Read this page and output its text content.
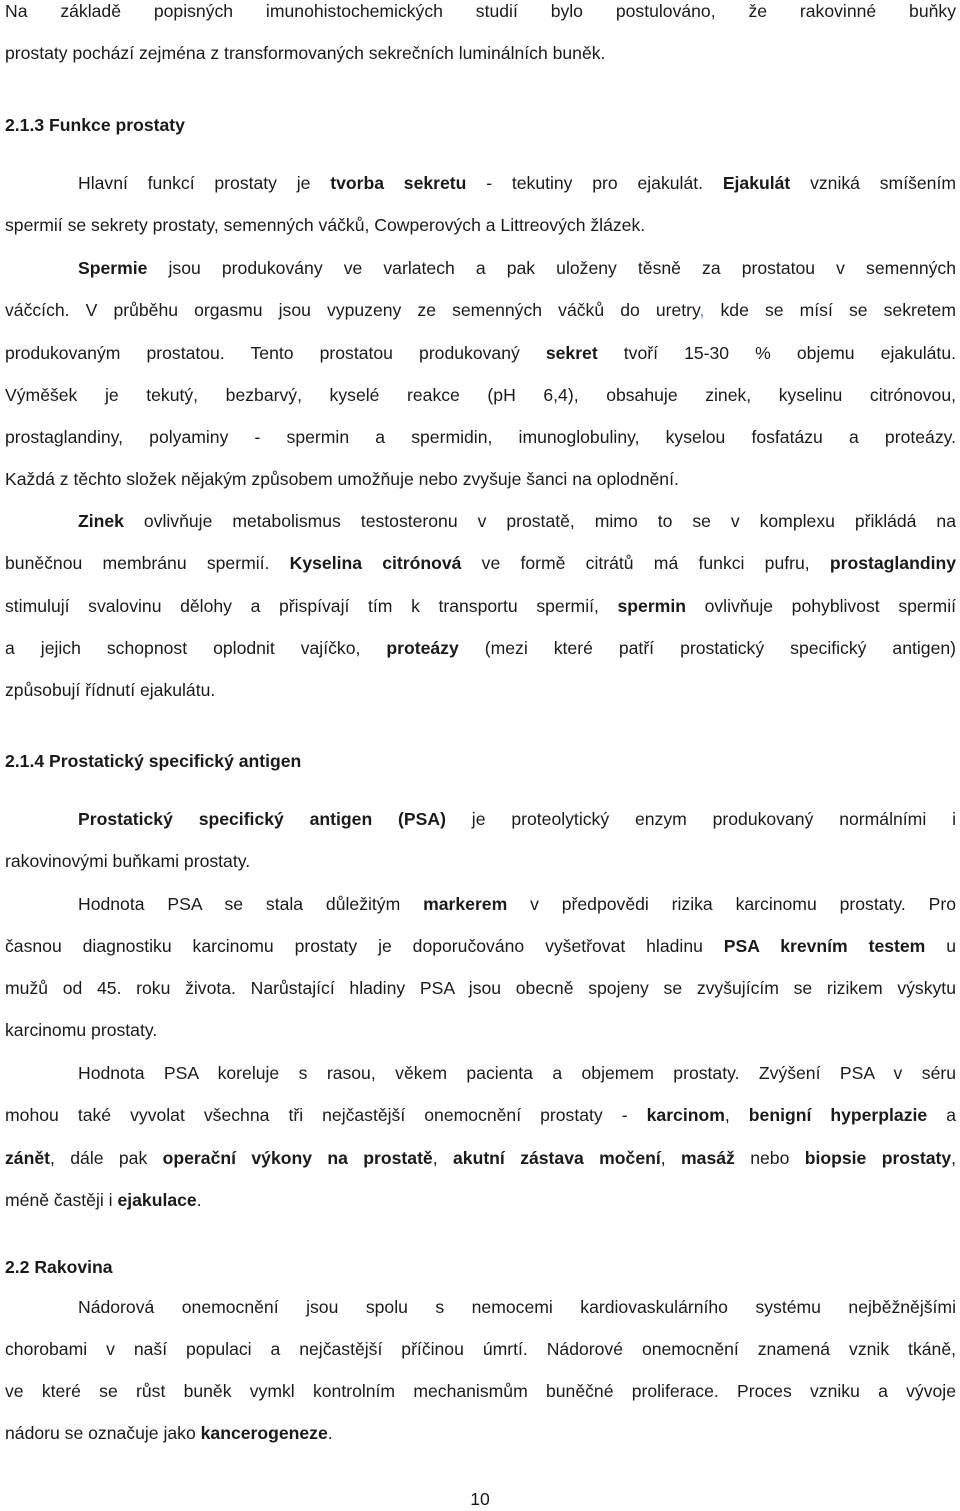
Na základě popisných imunohistochemických studií bylo postulováno, že rakovinné buňky

prostaty pochází zejména z transformovaných sekrečních luminálních buněk.

2.1.3 Funkce prostaty

Hlavní funkcí prostaty je tvorba sekretu - tekutiny pro ejakulát. Ejakulát vzniká smíšením

spermií se sekrety prostaty, semenných váčků, Cowperových a Littreových žlázek.

Spermie jsou produkovány ve varlatech a pak uloženy těsně za prostatou v semenných

váčcích. V průběhu orgasmu jsou vypuzeny ze semenných váčků do uretry, kde se mísí se sekretem

produkovaným prostatou. Tento prostatou produkovaný sekret tvoří 15-30 % objemu ejakulátu.

Výměšek je tekutý, bezbarvý, kyselé reakce (pH 6,4), obsahuje zinek, kyselinu citrónovou,

prostaglandiny, polyaminy - spermin a spermidin, imunoglobuliny, kyselou fosfatázu a proteázy.

Každá z těchto složek nějakým způsobem umožňuje nebo zvyšuje šanci na oplodnění.

Zinek ovlivňuje metabolismus testosteronu v prostatě, mimo to se v komplexu přikládá na

buněčnou membránu spermií. Kyselina citrónová ve formě citrátů má funkci pufru, prostaglandiny

stimulují svalovinu dělohy a přispívají tím k transportu spermií, spermin ovlivňuje pohyblivost spermií

a jejich schopnost oplodnit vajíčko, proteázy (mezi které patří prostatický specifický antigen)

způsobují řídnutí ejakulátu.

2.1.4 Prostatický specifický antigen

Prostatický specifický antigen (PSA) je proteolytický enzym produkovaný normálními i

rakovinovými buňkami prostaty.

Hodnota PSA se stala důležitým markerem v předpovědi rizika karcinomu prostaty. Pro

časnou diagnostiku karcinomu prostaty je doporučováno vyšetřovat hladinu PSA krevním testem u

mužů od 45. roku života. Narůstající hladiny PSA jsou obecně spojeny se zvyšujícím se rizikem výskytu

karcinomu prostaty.

Hodnota PSA koreluje s rasou, věkem pacienta a objemem prostaty. Zvýšení PSA v séru

mohou také vyvolat všechna tři nejčastější onemocnění prostaty - karcinom, benigní hyperplazie a

zánět, dále pak operační výkony na prostatě, akutní zástava močení, masáž nebo biopsie prostaty,

méně častěji i ejakulace.

2.2 Rakovina

Nádorová onemocnění jsou spolu s nemocemi kardiovaskulárního systému nejběžnějšími

chorobami v naší populaci a nejčastější příčinou úmrtí. Nádorové onemocnění znamená vznik tkáně,

ve které se růst buněk vymkl kontrolním mechanismům buněčné proliferace. Proces vzniku a vývoje

nádoru se označuje jako kancerogeneze.

10
